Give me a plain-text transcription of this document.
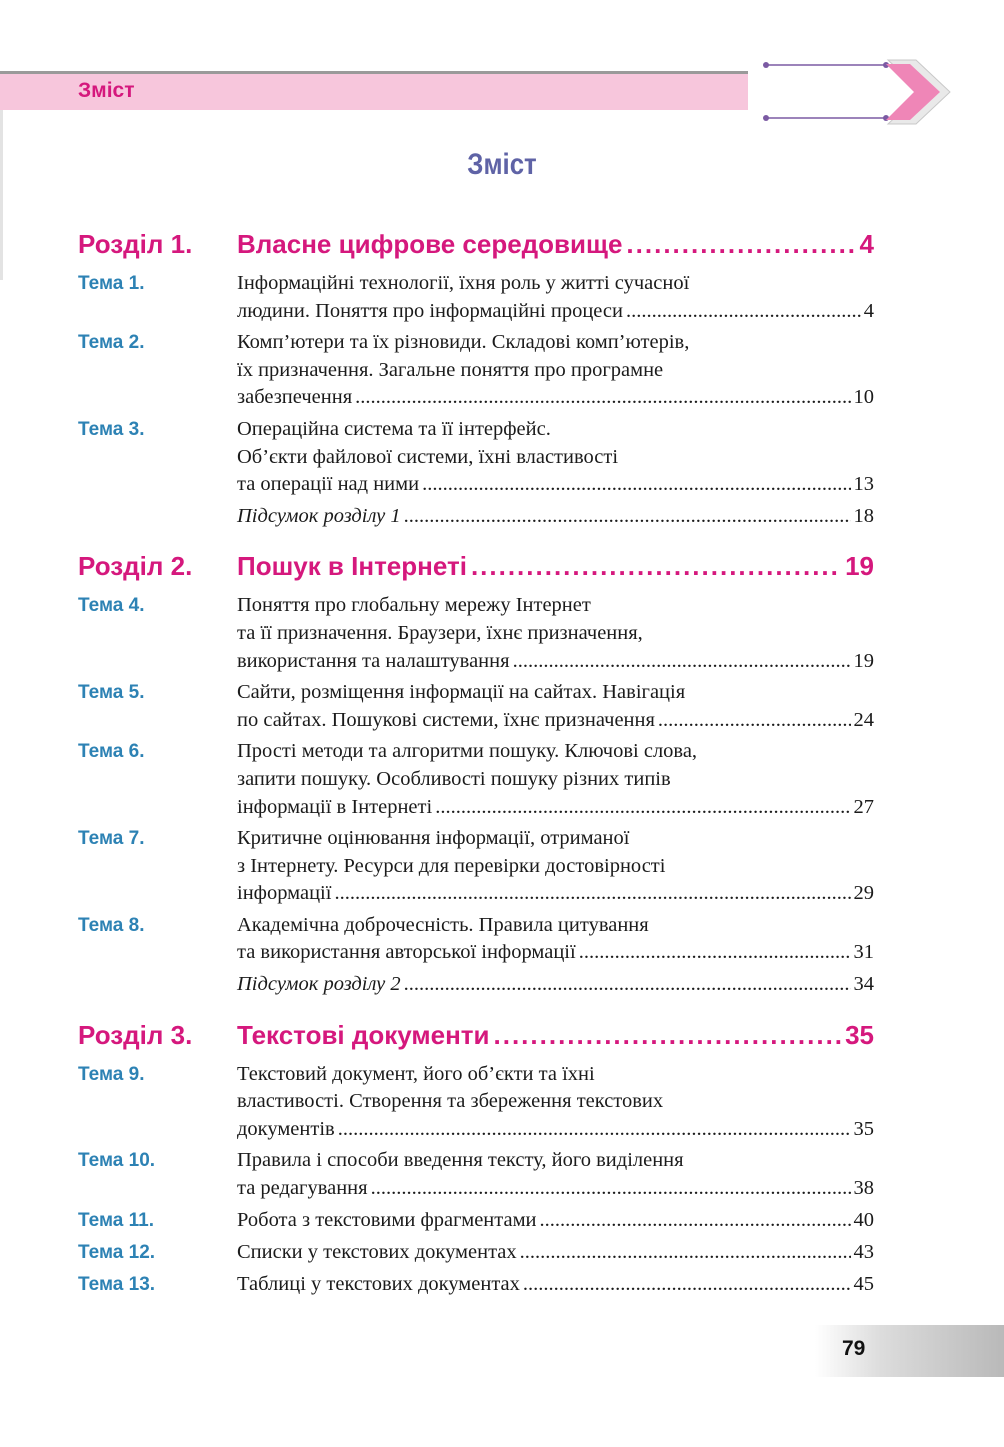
Зміст
Зміст
Розділ 1.	Власне цифрове середовище .....	4
Тема 1.	Інформаційні технології, їхня роль у житті сучасної
людини. Поняття про інформаційні процеси .....	4
Тема 2.	Комп’ютери та їх різновиди. Складові комп’ютерів,
їх призначення. Загальне поняття про програмне
забезпечення .....	10
Тема 3.	Операційна система та її інтерфейс.
Об’єкти файлової системи, їхні властивості
та операції над ними .....	13
Підсумок розділу 1 .....	18
Розділ 2.	Пошук в Інтернеті .....	19
Тема 4.	Поняття про глобальну мережу Інтернет
та її призначення. Браузери, їхнє призначення,
використання та налаштування .....	19
Тема 5.	Сайти, розміщення інформації на сайтах. Навігація
по сайтах. Пошукові системи, їхнє призначення .....	24
Тема 6.	Прості методи та алгоритми пошуку. Ключові слова,
запити пошуку. Особливості пошуку різних типів
інформації в Інтернеті .....	27
Тема 7.	Критичне оцінювання інформації, отриманої
з Інтернету. Ресурси для перевірки достовірності
інформації .....	29
Тема 8.	Академічна доброчесність. Правила цитування
та використання авторської інформації .....	31
Підсумок розділу 2 .....	34
Розділ 3.	Текстові документи .....	35
Тема 9.	Текстовий документ, його об’єкти та їхні
властивості. Створення та збереження текстових
документів .....	35
Тема 10.	Правила і способи введення тексту, його виділення
та редагування .....	38
Тема 11.	Робота з текстовими фрагментами .....	40
Тема 12.	Списки у текстових документах .....	43
Тема 13.	Таблиці у текстових документах .....	45

79
